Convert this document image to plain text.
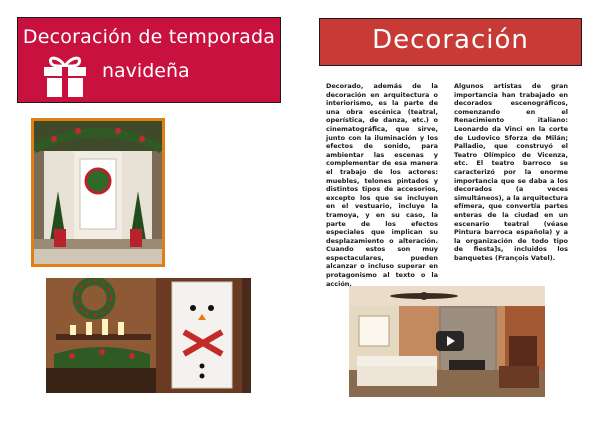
Decoración de temporada
navideña
Decoración
Decorado, además de la decoración en arquitectura o interiorismo, es la parte de una obra escénica (teatral, operística, de danza, etc.) o cinematográfica, que sirve, junto con la iluminación y los efectos de sonido, para ambientar las escenas y complementar de esa manera el trabajo de los actores: muebles, telones pintados y distintos tipos de accesorios, excepto los que se incluyen en el vestuario, incluye la tramoya, y en su caso, la parte de los efectos especiales que implican su desplazamiento o alteración. Cuando estos son muy espectaculares, pueden alcanzar o incluso superar en protagonismo al texto o la acción.
Algunos artistas de gran importancia han trabajado en decorados escenográficos, comenzando en el Renacimiento italiano: Leonardo da Vinci en la corte de Ludovico Sforza de Milán; Palladio, que construyó el Teatro Olímpico de Vicenza, etc. El teatro barroco se caracterizó por la enorme importancia que se daba a los decorados (a veces simultáneos), a la arquitectura efímera, que convertía partes enteras de la ciudad en un escenario teatral (véase Pintura barroca española) y a la organización de todo tipo de fiesta]s, incluidos los banquetes (François Vatel).
